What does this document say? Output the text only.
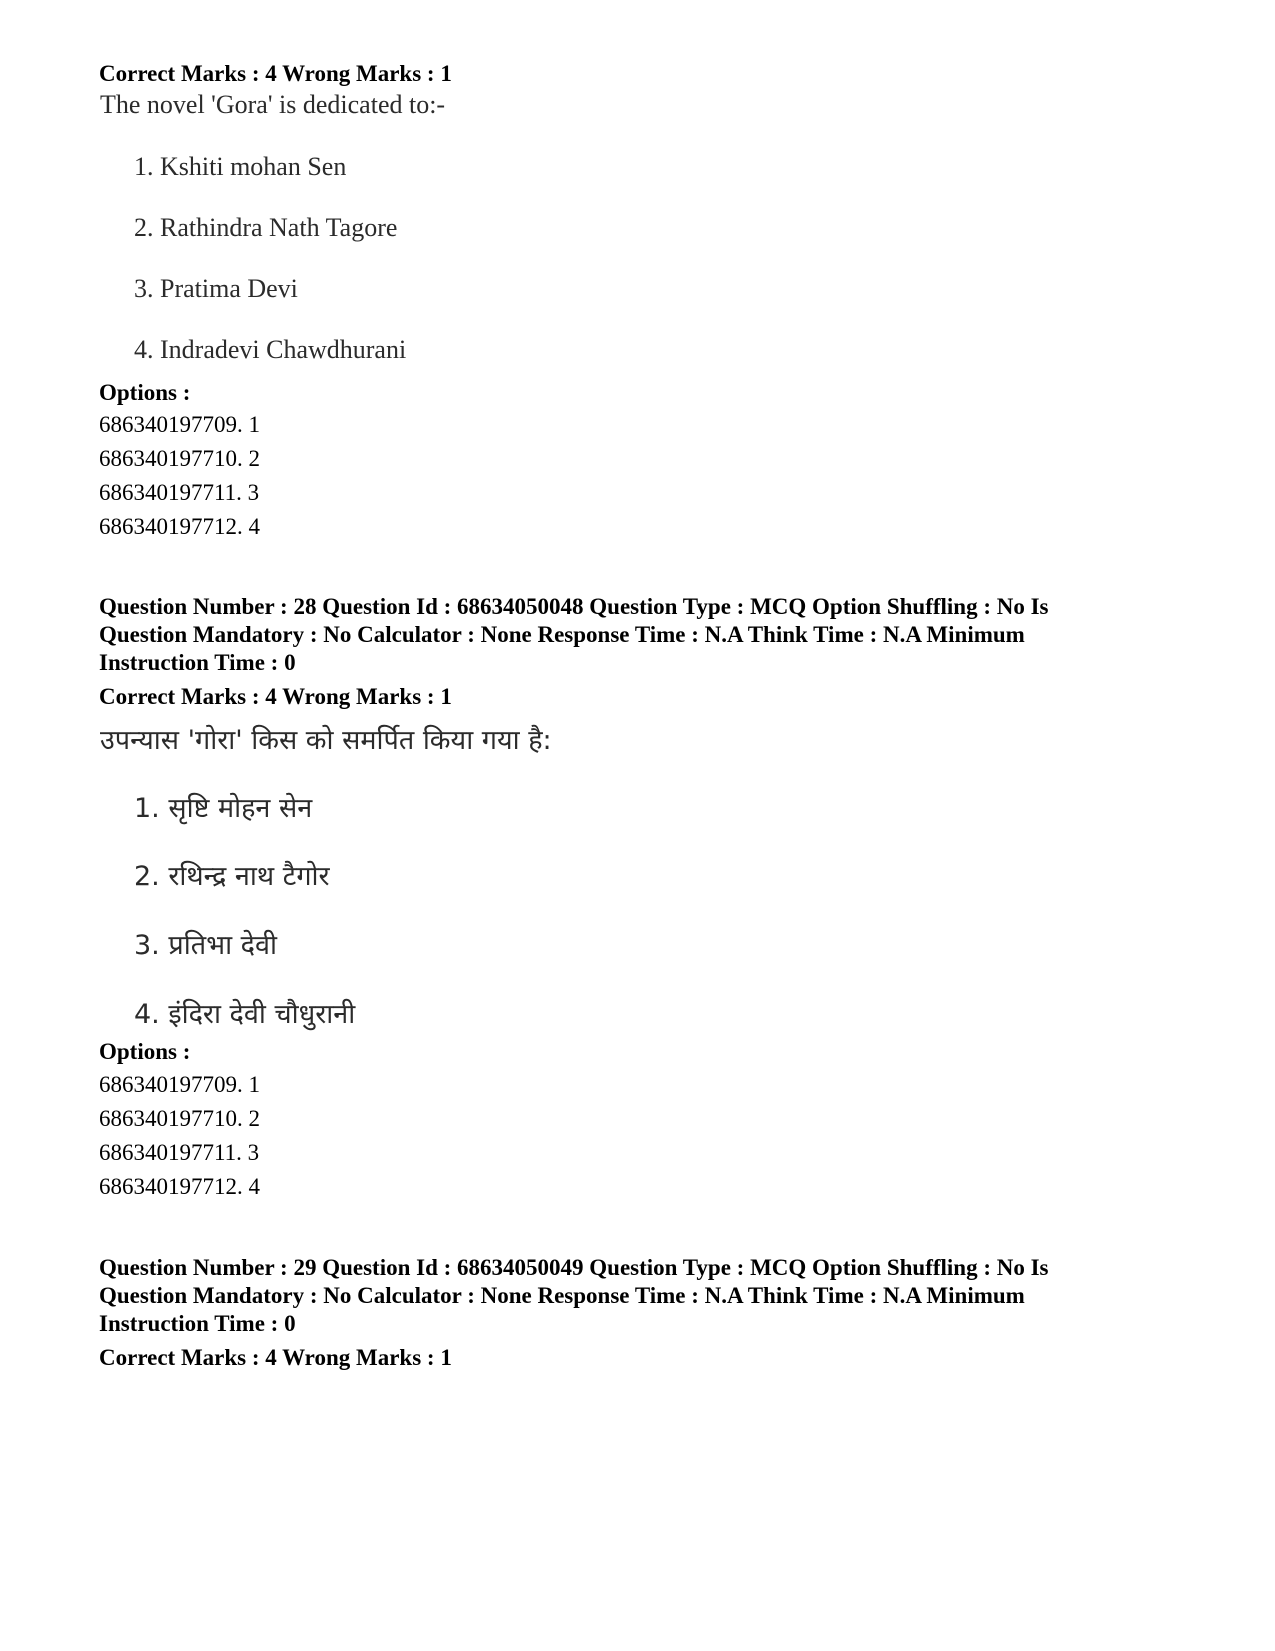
Correct Marks : 4 Wrong Marks : 1
The novel 'Gora' is dedicated to:-
1. Kshiti mohan Sen
2. Rathindra Nath Tagore
3. Pratima Devi
4. Indradevi Chawdhurani
Options :
686340197709. 1
686340197710. 2
686340197711. 3
686340197712. 4
Question Number : 28 Question Id : 68634050048 Question Type : MCQ Option Shuffling : No Is
Question Mandatory : No Calculator : None Response Time : N.A Think Time : N.A Minimum
Instruction Time : 0
Correct Marks : 4 Wrong Marks : 1
उपन्यास 'गोरा' किस को समर्पित किया गया है:
1. सृष्टि मोहन सेन
2. रथिन्द्र नाथ टैगोर
3. प्रतिभा देवी
4. इंदिरा देवी चौधुरानी
Options :
686340197709. 1
686340197710. 2
686340197711. 3
686340197712. 4
Question Number : 29 Question Id : 68634050049 Question Type : MCQ Option Shuffling : No Is
Question Mandatory : No Calculator : None Response Time : N.A Think Time : N.A Minimum
Instruction Time : 0
Correct Marks : 4 Wrong Marks : 1
